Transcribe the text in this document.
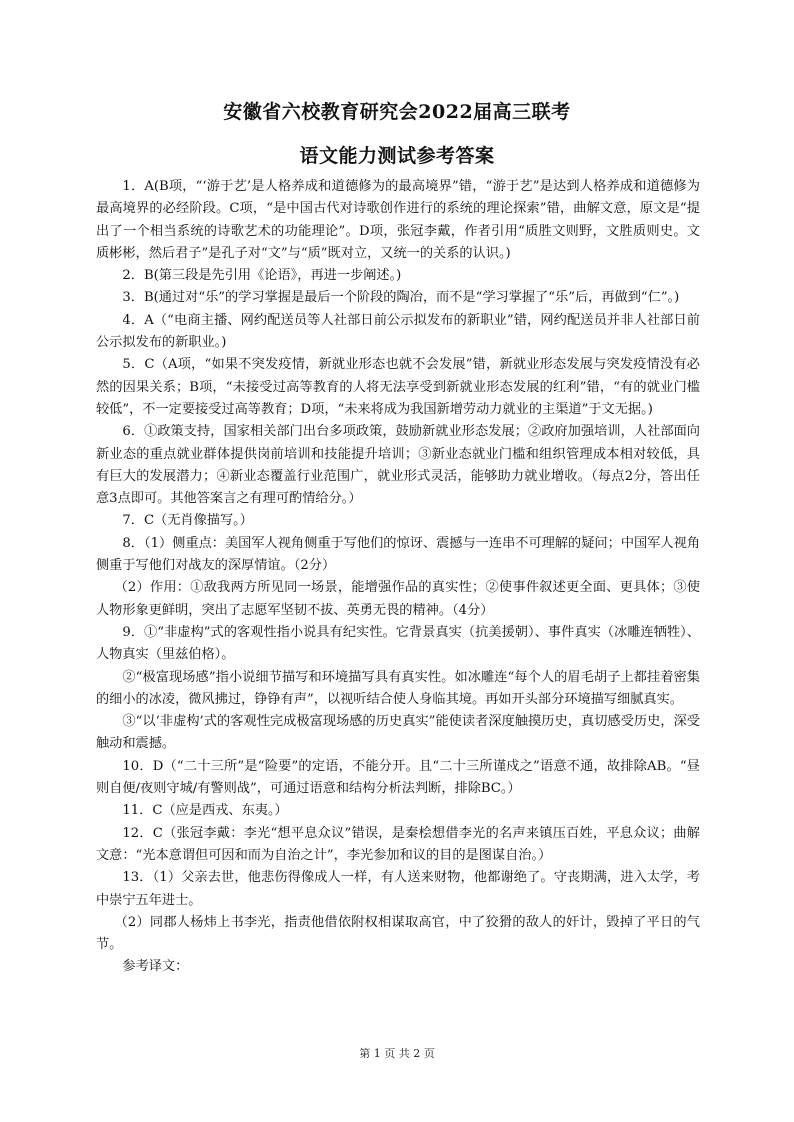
安徽省六校教育研究会2022届高三联考
语文能力测试参考答案

1．A(B项，“‘游于艺’是人格养成和道德修为的最高境界”错，“游于艺”是达到人格养成和道德修为最高境界的必经阶段。C项，“是中国古代对诗歌创作进行的系统的理论探索”错，曲解文意，原文是“提出了一个相当系统的诗歌艺术的功能理论”。D项，张冠李戴，作者引用“质胜文则野，文胜质则史。文质彬彬，然后君子”是孔子对“文”与“质”既对立，又统一的关系的认识。)

2．B(第三段是先引用《论语》，再进一步阐述。)

3．B(通过对“乐”的学习掌握是最后一个阶段的陶冶，而不是“学习掌握了“乐”后，再做到“仁”。)

4．A（“电商主播、网约配送员等人社部日前公示拟发布的新职业”错，网约配送员并非人社部日前公示拟发布的新职业。)

5．C（A项，“如果不突发疫情，新就业形态也就不会发展”错，新就业形态发展与突发疫情没有必然的因果关系；B项，“未接受过高等教育的人将无法享受到新就业形态发展的红利”错，“有的就业门槛较低”，不一定要接受过高等教育；D项，“未来将成为我国新增劳动力就业的主渠道”于文无据。)

6．①政策支持，国家相关部门出台多项政策，鼓励新就业形态发展；②政府加强培训，人社部面向新业态的重点就业群体提供岗前培训和技能提升培训；③新业态就业门槛和组织管理成本相对较低，具有巨大的发展潜力；④新业态覆盖行业范围广，就业形式灵活，能够助力就业增收。（每点2分，答出任意3点即可。其他答案言之有理可酌情给分。）

7．C（无肖像描写。）

8．（1）侧重点：美国军人视角侧重于写他们的惊讶、震撼与一连串不可理解的疑问；中国军人视角侧重于写他们对战友的深厚情谊。（2分）

（2）作用：①敌我两方所见同一场景，能增强作品的真实性；②使事件叙述更全面、更具体；③使人物形象更鲜明，突出了志愿军坚韧不拔、英勇无畏的精神。（4分）

9．①“非虚构”式的客观性指小说具有纪实性。它背景真实（抗美援朝）、事件真实（冰雕连牺牲）、人物真实（里兹伯格）。

②“极富现场感”指小说细节描写和环境描写具有真实性。如冰雕连“每个人的眉毛胡子上都挂着密集的细小的冰凌，微风拂过，铮铮有声”，以视听结合使人身临其境。再如开头部分环境描写细腻真实。

③“以‘非虚构’式的客观性完成极富现场感的历史真实”能使读者深度触摸历史，真切感受历史，深受触动和震撼。

10．D（“二十三所”是“险要”的定语，不能分开。且“二十三所谨戍之”语意不通，故排除AB。“昼则自便/夜则守城/有警则战”，可通过语意和结构分析法判断，排除BC。）

11．C（应是西戎、东夷。）

12．C（张冠李戴：李光“想平息众议”错误，是秦桧想借李光的名声来镇压百姓，平息众议；曲解文意：“光本意谓但可因和而为自治之计”，李光参加和议的目的是图谋自治。）

13．（1）父亲去世，他悲伤得像成人一样，有人送来财物，他都谢绝了。守丧期满，进入太学，考中崇宁五年进士。

（2）同郡人杨炜上书李光，指责他借依附权相谋取高官，中了狡猾的敌人的奸计，毁掉了平日的气节。

参考译文：

第 1 页 共 2 页
